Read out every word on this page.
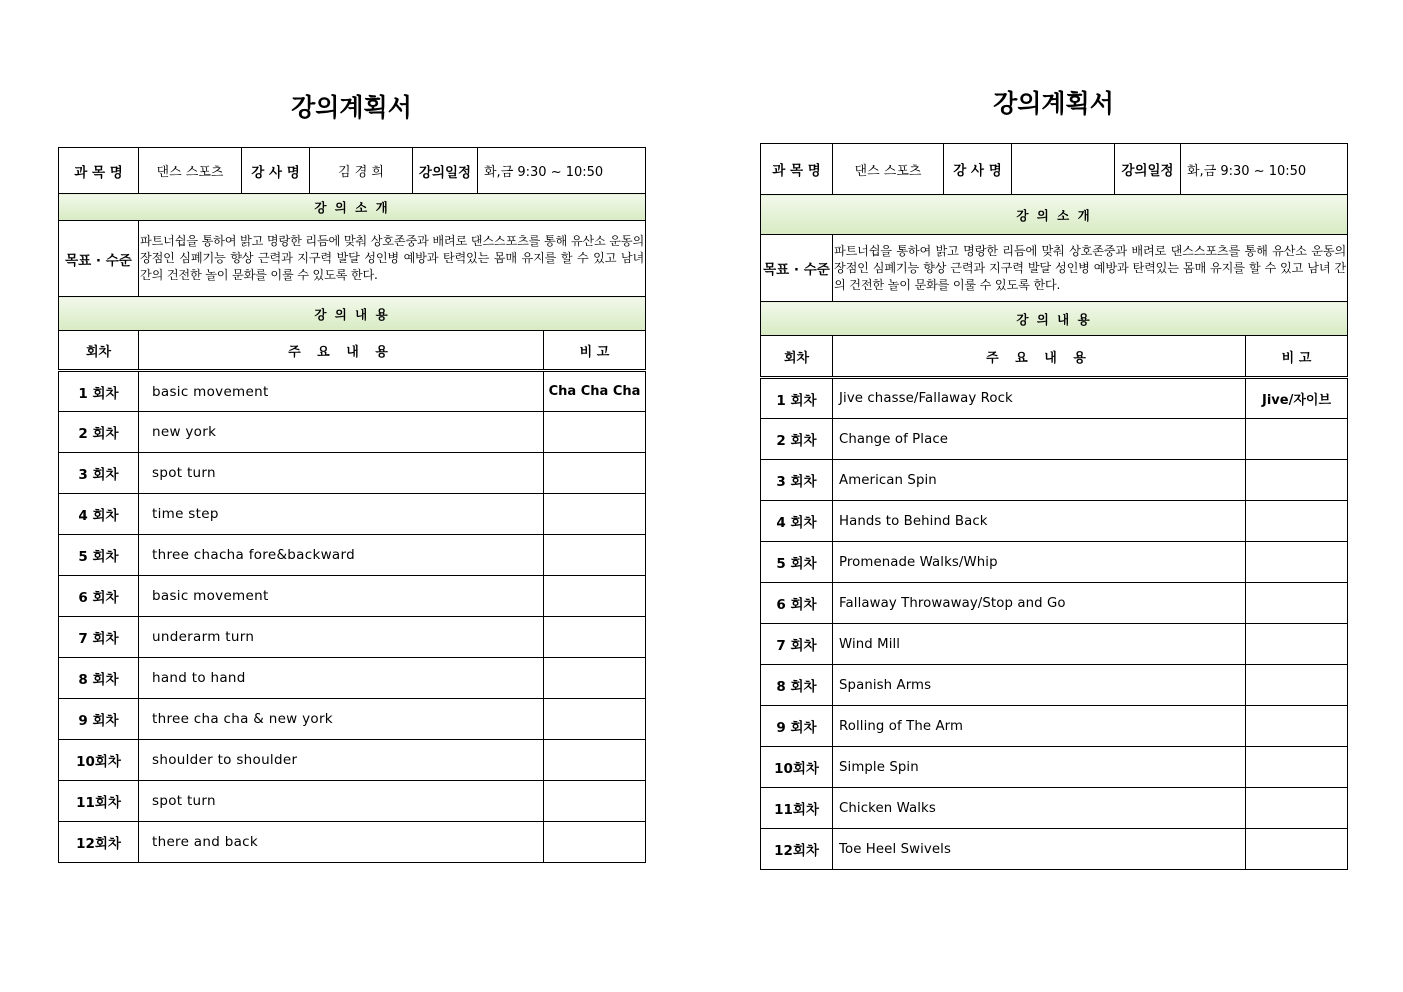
강의계획서
과 목 명	댄스 스포츠	강 사 명	김 경 희	강의일정	화,금 9:30 ~ 10:50	
강 의 소 개						
목표 · 수준	파트너쉽을 통하여 밝고 명랑한 리듬에 맞춰 상호존중과 배려로 댄스스포츠를 통해 유산소 운동의 장점인 심폐기능 향상 근력과 지구력 발달 성인병 예방과 탄력있는 몸매 유지를 할 수 있고 남녀 간의 건전한 놀이 문화를 이룰 수 있도록 한다.					
강 의 내 용						
회차	주 요 내 용					비 고
1 회차	basic movement					Cha Cha Cha
2 회차	new york					
3 회차	spot turn					
4 회차	time step					
5 회차	three chacha fore&backward					
6 회차	basic movement					
7 회차	underarm turn					
8 회차	hand to hand					
9 회차	three cha cha & new york					
10회차	shoulder to shoulder					
11회차	spot turn					
12회차	there and back					
강의계획서
과 목 명	댄스 스포츠	강 사 명		강의일정	화,금 9:30 ~ 10:50	
강 의 소 개						
목표 · 수준	파트너쉽을 통하여 밝고 명랑한 리듬에 맞춰 상호존중과 배려로 댄스스포츠를 통해 유산소 운동의 장점인 심폐기능 향상 근력과 지구력 발달 성인병 예방과 탄력있는 몸매 유지를 할 수 있고 남녀 간의 건전한 놀이 문화를 이룰 수 있도록 한다.					
강 의 내 용						
회차	주 요 내 용					비 고
1 회차	Jive chasse/Fallaway Rock					Jive/자이브
2 회차	Change of Place					
3 회차	American Spin					
4 회차	Hands to Behind Back					
5 회차	Promenade Walks/Whip					
6 회차	Fallaway Throwaway/Stop and Go					
7 회차	Wind Mill					
8 회차	Spanish Arms					
9 회차	Rolling of The Arm					
10회차	Simple Spin					
11회차	Chicken Walks					
12회차	Toe Heel Swivels					
